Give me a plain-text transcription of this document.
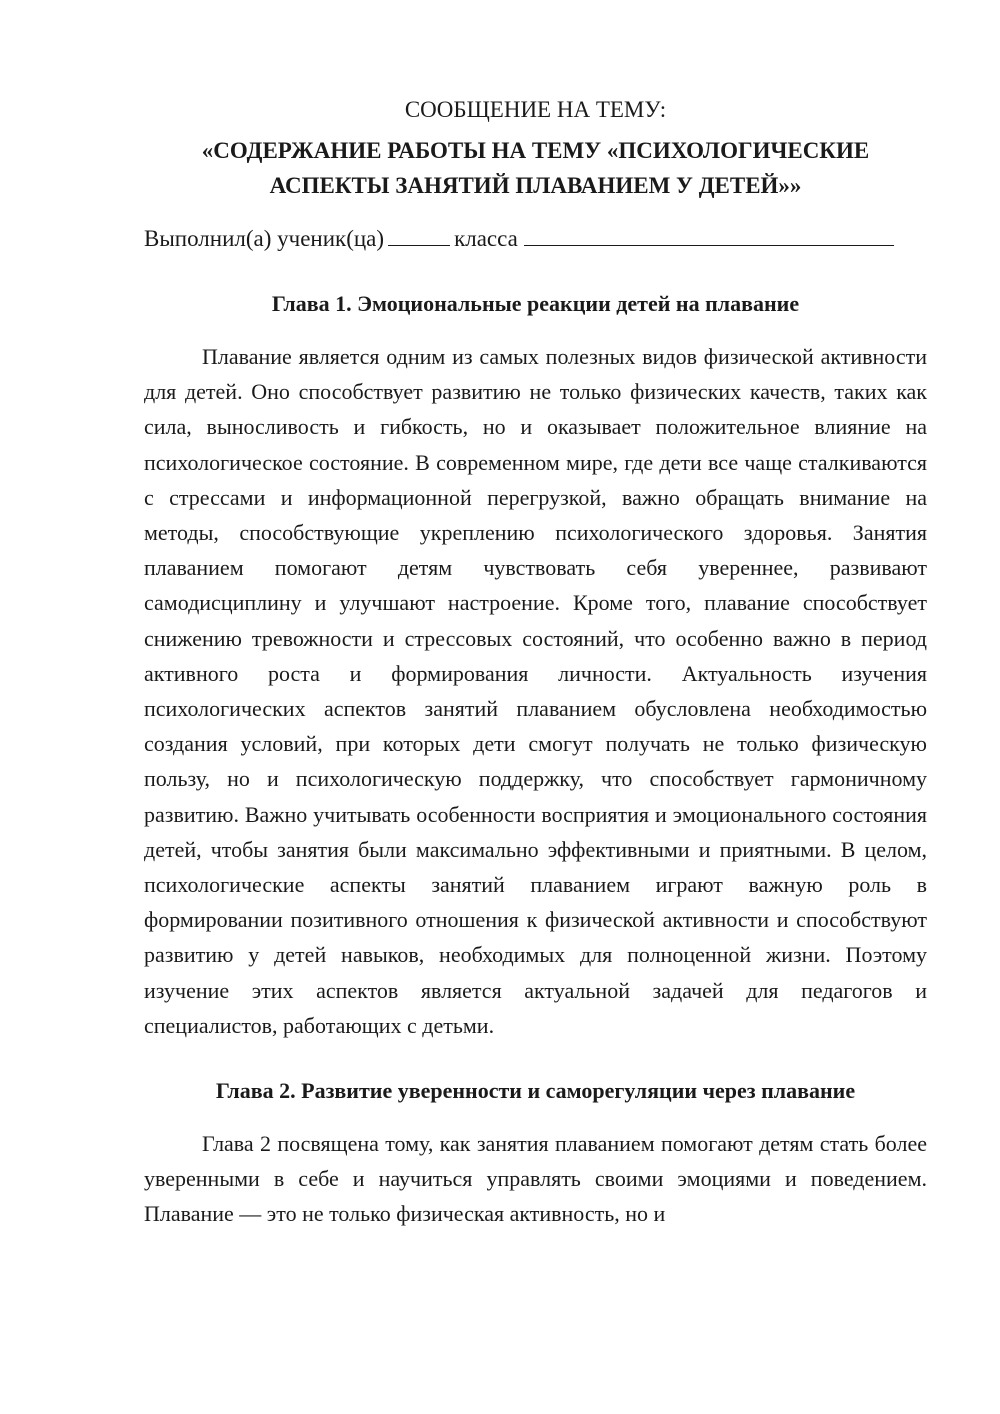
СООБЩЕНИЕ НА ТЕМУ:

«СОДЕРЖАНИЕ РАБОТЫ НА ТЕМУ «ПСИХОЛОГИЧЕСКИЕ
АСПЕКТЫ ЗАНЯТИЙ ПЛАВАНИЕМ У ДЕТЕЙ»»

Выполнил(а) ученик(ца)	класса

Глава 1. Эмоциональные реакции детей на плавание

Плавание является одним из самых полезных видов физической активности для детей. Оно способствует развитию не только физических качеств, таких как сила, выносливость и гибкость, но и оказывает положительное влияние на психологическое состояние. В современном мире, где дети все чаще сталкиваются с стрессами и информационной перегрузкой, важно обращать внимание на методы, способствующие укреплению психологического здоровья. Занятия плаванием помогают детям чувствовать себя увереннее, развивают самодисциплину и улучшают настроение. Кроме того, плавание способствует снижению тревожности и стрессовых состояний, что особенно важно в период активного роста и формирования личности. Актуальность изучения психологических аспектов занятий плаванием обусловлена необходимостью создания условий, при которых дети смогут получать не только физическую пользу, но и психологическую поддержку, что способствует гармоничному развитию. Важно учитывать особенности восприятия и эмоционального состояния детей, чтобы занятия были максимально эффективными и приятными. В целом, психологические аспекты занятий плаванием играют важную роль в формировании позитивного отношения к физической активности и способствуют развитию у детей навыков, необходимых для полноценной жизни. Поэтому изучение этих аспектов является актуальной задачей для педагогов и специалистов, работающих с детьми.

Глава 2. Развитие уверенности и саморегуляции через плавание

Глава 2 посвящена тому, как занятия плаванием помогают детям стать более уверенными в себе и научиться управлять своими эмоциями и поведением. Плавание — это не только физическая активность, но и
